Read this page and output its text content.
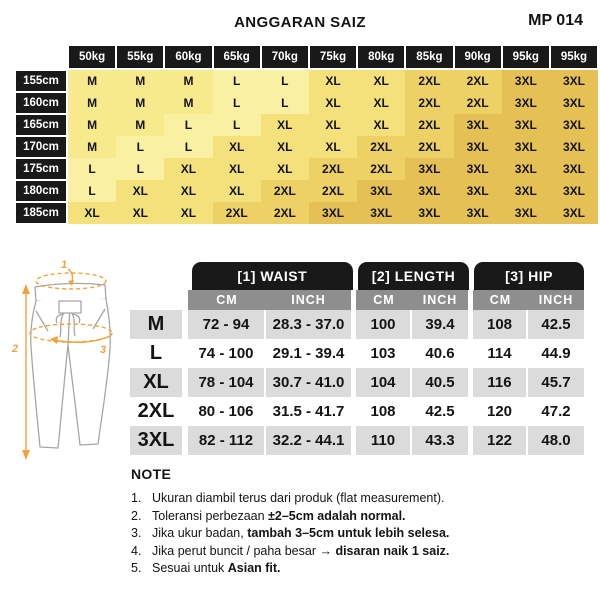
ANGGARAN SAIZ	MP 014
50kg	55kg	60kg	65kg	70kg	75kg	80kg	85kg	90kg	95kg	95kg
155cm	M	M	M	L	L	XL	XL	2XL	2XL	3XL	3XL
160cm	M	M	M	L	L	XL	XL	2XL	2XL	3XL	3XL
165cm	M	M	L	L	XL	XL	XL	2XL	3XL	3XL	3XL
170cm	M	L	L	XL	XL	XL	2XL	2XL	3XL	3XL	3XL
175cm	L	L	XL	XL	XL	2XL	2XL	3XL	3XL	3XL	3XL
180cm	L	XL	XL	XL	2XL	2XL	3XL	3XL	3XL	3XL	3XL
185cm	XL	XL	XL	2XL	2XL	3XL	3XL	3XL	3XL	3XL	3XL
1
2	3
[1] WAIST	[2] LENGTH	[3] HIP
CM	INCH	CM	INCH	CM	INCH
M	72 - 94	28.3 - 37.0	100	39.4	108	42.5
L	74 - 100	29.1 - 39.4	103	40.6	114	44.9
XL	78 - 104	30.7 - 41.0	104	40.5	116	45.7
2XL	80 - 106	31.5 - 41.7	108	42.5	120	47.2
3XL	82 - 112	32.2 - 44.1	110	43.3	122	48.0
NOTE
1. Ukuran diambil terus dari produk (flat measurement).
2. Toleransi perbezaan ±2–5cm adalah normal.
3. Jika ukur badan, tambah 3–5cm untuk lebih selesa.
4. Jika perut buncit / paha besar → disaran naik 1 saiz.
5. Sesuai untuk Asian fit.
